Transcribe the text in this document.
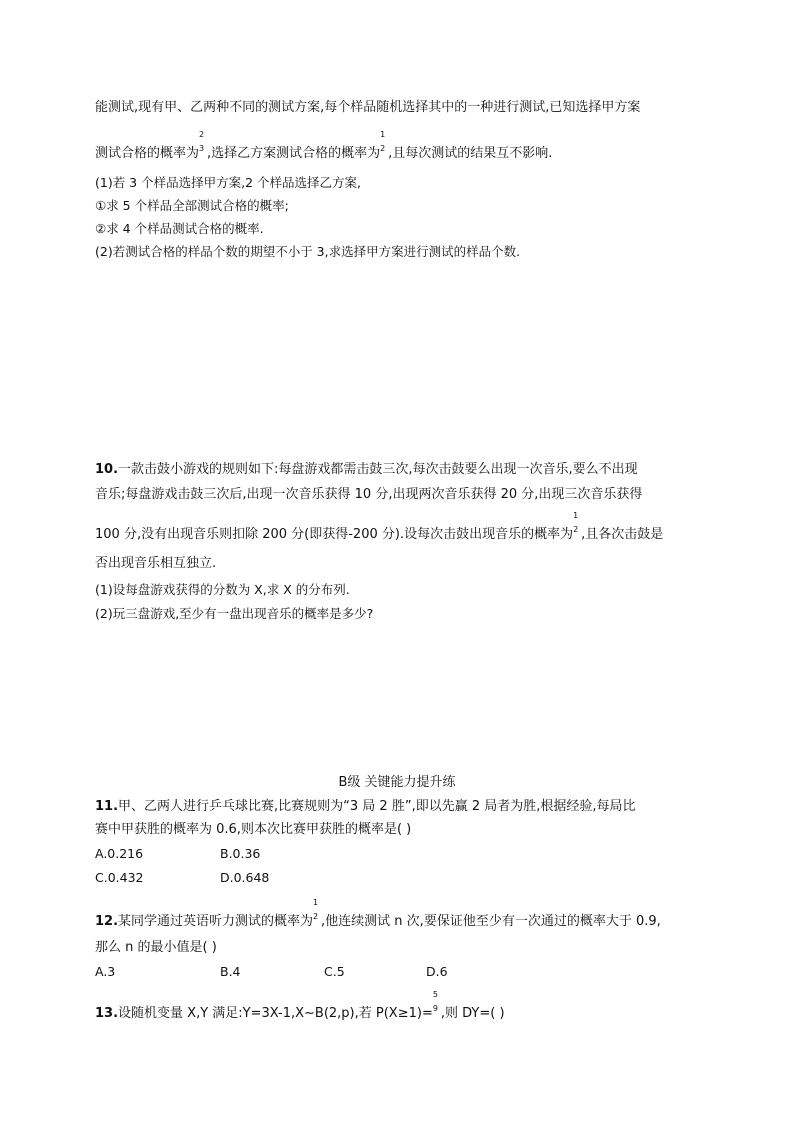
能测试,现有甲、乙两种不同的测试方案,每个样品随机选择其中的一种进行测试,已知选择甲方案
测试合格的概率为
2
3 ,选择乙方案测试合格的概率为
1
2 ,且每次测试的结果互不影响.
(1)若 3 个样品选择甲方案,2 个样品选择乙方案,
①求 5 个样品全部测试合格的概率;
②求 4 个样品测试合格的概率.
(2)若测试合格的样品个数的期望不小于 3,求选择甲方案进行测试的样品个数.
10.一款击鼓小游戏的规则如下:每盘游戏都需击鼓三次,每次击鼓要么出现一次音乐,要么不出现
音乐;每盘游戏击鼓三次后,出现一次音乐获得 10 分,出现两次音乐获得 20 分,出现三次音乐获得
100 分,没有出现音乐则扣除 200 分(即获得-200 分).设每次击鼓出现音乐的概率为
1
2 ,且各次击鼓是
否出现音乐相互独立.
(1)设每盘游戏获得的分数为 X,求 X 的分布列.
(2)玩三盘游戏,至少有一盘出现音乐的概率是多少?
B级 关键能力提升练
11.甲、乙两人进行乒乓球比赛,比赛规则为“3 局 2 胜”,即以先赢 2 局者为胜,根据经验,每局比
赛中甲获胜的概率为 0.6,则本次比赛甲获胜的概率是( )
A.0.216	B.0.36
C.0.432	D.0.648
12.某同学通过英语听力测试的概率为
1
2 ,他连续测试 n 次,要保证他至少有一次通过的概率大于 0.9,
那么 n 的最小值是( )
A.3	B.4	C.5	D.6
13.设随机变量 X,Y 满足:Y=3X-1,X~B(2,p),若 P(X≥1)=
5
9 ,则 DY=( )
